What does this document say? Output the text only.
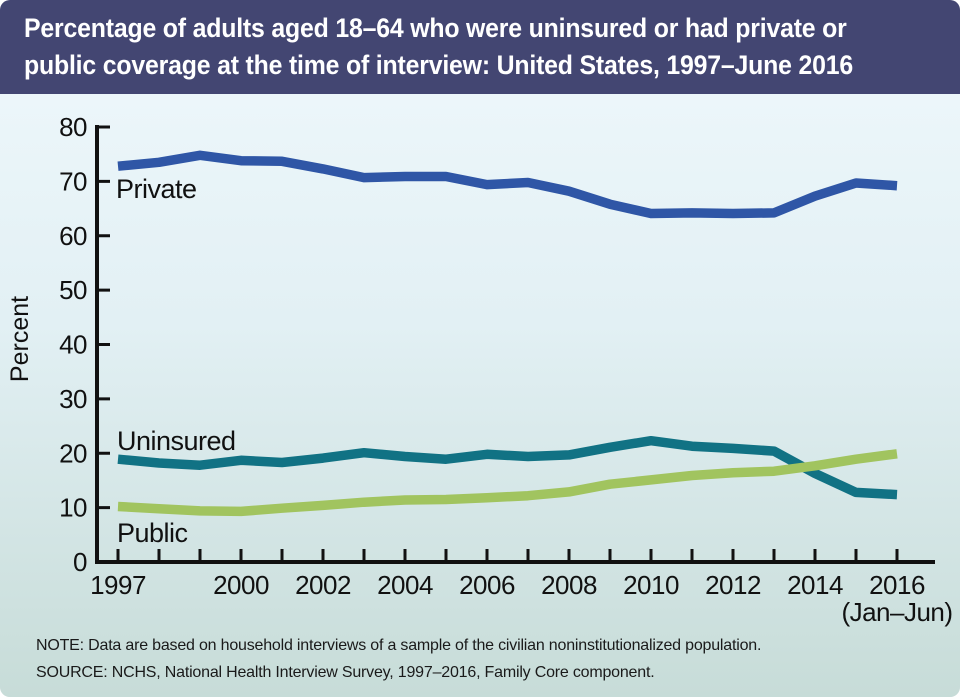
Percentage of adults aged 18–64 who were uninsured or had private or
public coverage at the time of interview: United States, 1997–June 2016
0
10
20
30
40
50
60
70
80
1997	2000 2002 2004 2006 2008 2010 2012 2014 2016
(Jan–Jun)
Percent
Private
Uninsured
Public
NOTE: Data are based on household interviews of a sample of the civilian noninstitutionalized population.
SOURCE: NCHS, National Health Interview Survey, 1997–2016, Family Core component.
